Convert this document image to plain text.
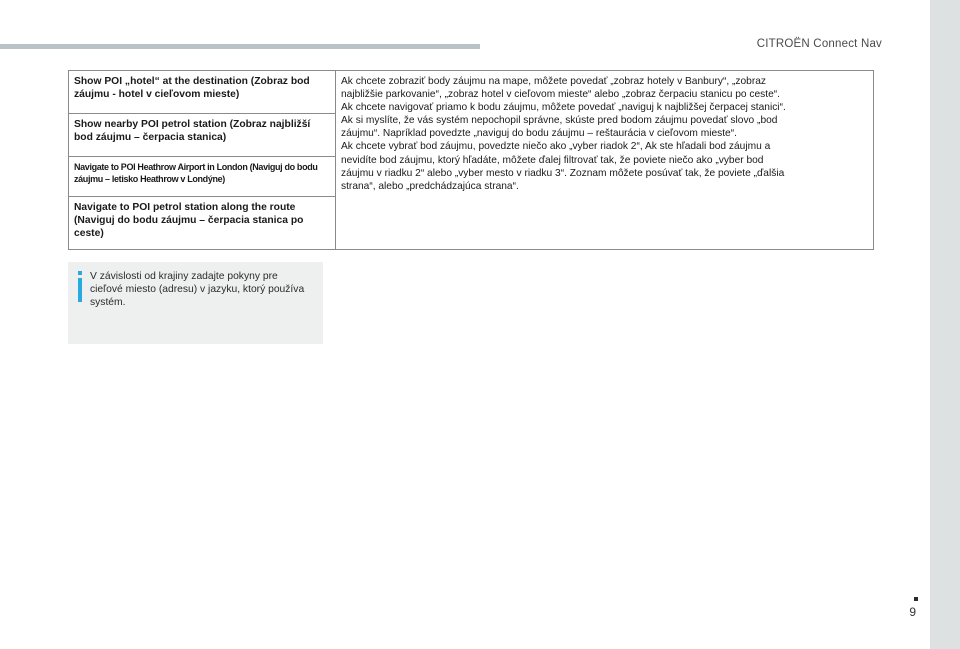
CITROËN Connect Nav
Show POI „hotel“ at the destination (Zobraz bod záujmu - hotel v cieľovom mieste)	
Ak chcete zobraziť body záujmu na mape, môžete povedať „zobraz hotely v Banbury“, „zobraz
najbližšie parkovanie“, „zobraz hotel v cieľovom mieste“ alebo „zobraz čerpaciu stanicu po ceste“.
Ak chcete navigovať priamo k bodu záujmu, môžete povedať „naviguj k najbližšej čerpacej stanici“.
Ak si myslíte, že vás systém nepochopil správne, skúste pred bodom záujmu povedať slovo „bod
záujmu“. Napríklad povedzte „naviguj do bodu záujmu – reštaurácia v cieľovom mieste“.
Ak chcete vybrať bod záujmu, povedzte niečo ako „vyber riadok 2“, Ak ste hľadali bod záujmu a
nevidíte bod záujmu, ktorý hľadáte, môžete ďalej filtrovať tak, že poviete niečo ako „vyber bod
záujmu v riadku 2“ alebo „vyber mesto v riadku 3“. Zoznam môžete posúvať tak, že poviete „ďalšia
strana“, alebo „predchádzajúca strana“.

Show nearby POI petrol station (Zobraz najbližší bod záujmu – čerpacia stanica)
Navigate to POI Heathrow Airport in London (Naviguj do bodu záujmu – letisko Heathrow v Londýne)
Navigate to POI petrol station along the route (Naviguj do bodu záujmu – čerpacia stanica po ceste)
V závislosti od krajiny zadajte pokyny pre cieľové miesto (adresu) v jazyku, ktorý používa systém.
9
